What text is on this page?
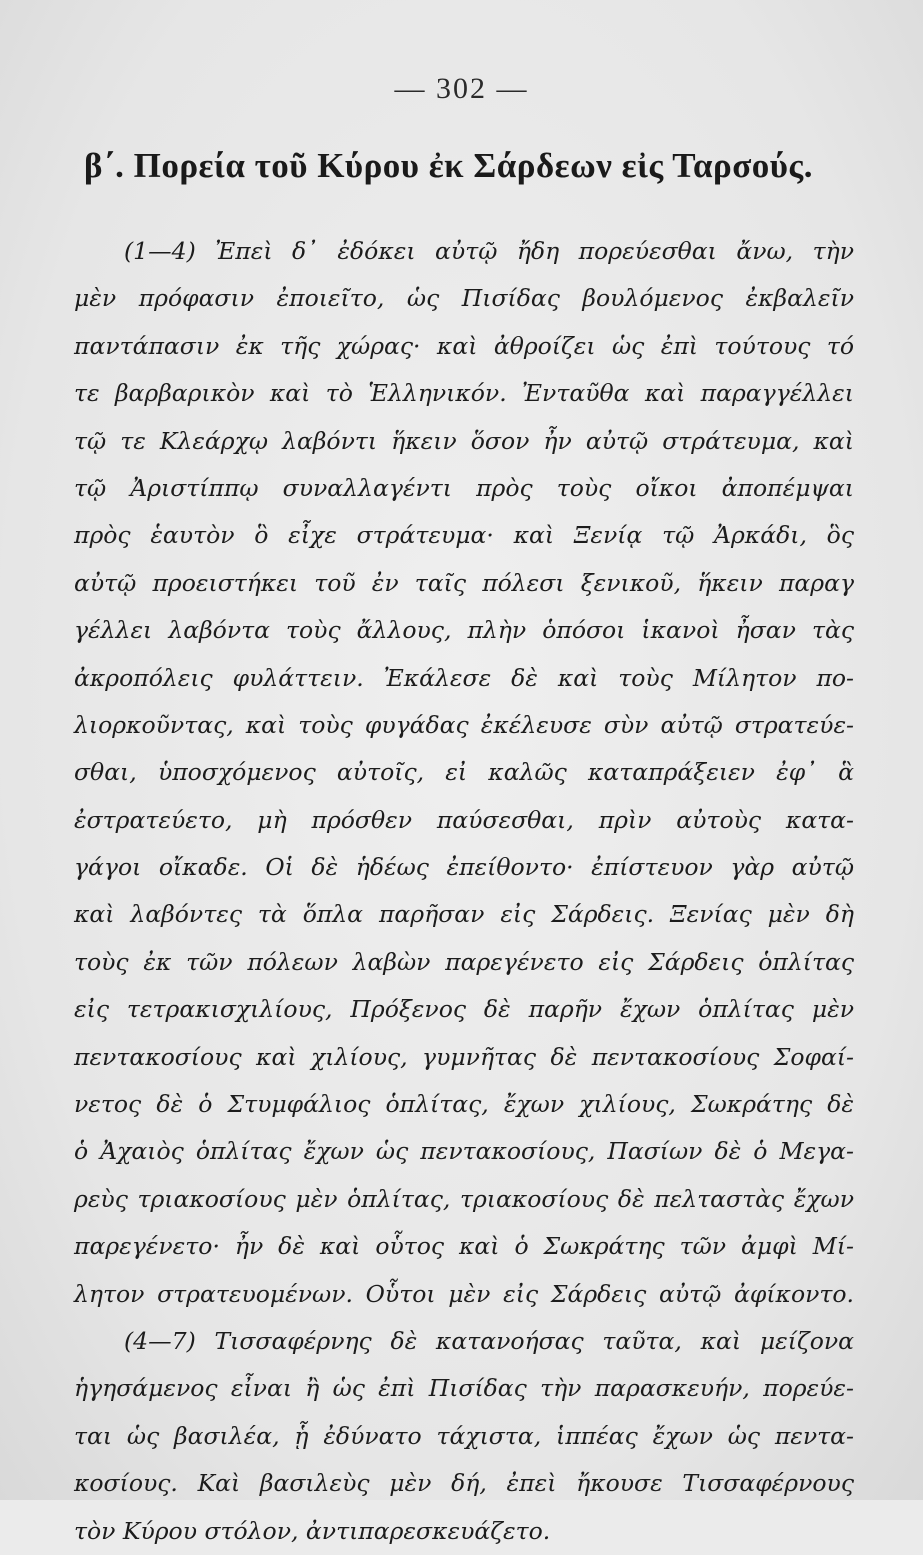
— 302 —
β΄. Πορεία τοῦ Κύρου ἐκ Σάρδεων εἰς Ταρσούς.
(1—4) Ἐπεὶ δ᾽ ἐδόκει αὐτῷ ἤδη πορεύεσθαι ἄνω, τὴν
μὲν πρόφασιν ἐποιεῖτο, ὡς Πισίδας βουλόμενος ἐκβαλεῖν
παντάπασιν ἐκ τῆς χώρας· καὶ ἀθροίζει ὡς ἐπὶ τούτους τό
τε βαρβαρικὸν καὶ τὸ Ἑλληνικόν. Ἐνταῦθα καὶ παραγγέλλει
τῷ τε Κλεάρχῳ λαβόντι ἥκειν ὅσον ἦν αὐτῷ στράτευμα, καὶ
τῷ Ἀριστίππῳ συναλλαγέντι πρὸς τοὺς οἴκοι ἀποπέμψαι
πρὸς ἑαυτὸν ὃ εἶχε στράτευμα· καὶ Ξενίᾳ τῷ Ἀρκάδι, ὃς
αὐτῷ προειστήκει τοῦ ἐν ταῖς πόλεσι ξενικοῦ, ἥκειν παραγ
γέλλει λαβόντα τοὺς ἄλλους, πλὴν ὁπόσοι ἱκανοὶ ἦσαν τὰς
ἀκροπόλεις φυλάττειν. Ἐκάλεσε δὲ καὶ τοὺς Μίλητον πο-
λιορκοῦντας, καὶ τοὺς φυγάδας ἐκέλευσε σὺν αὐτῷ στρατεύε-
σθαι, ὑποσχόμενος αὐτοῖς, εἰ καλῶς καταπράξειεν ἐφ᾽ ἃ
ἐστρατεύετο, μὴ πρόσθεν παύσεσθαι, πρὶν αὐτοὺς κατα-
γάγοι οἴκαδε. Οἱ δὲ ἡδέως ἐπείθοντο· ἐπίστευον γὰρ αὐτῷ
καὶ λαβόντες τὰ ὅπλα παρῆσαν εἰς Σάρδεις. Ξενίας μὲν δὴ
τοὺς ἐκ τῶν πόλεων λαβὼν παρεγένετο εἰς Σάρδεις ὁπλίτας
εἰς τετρακισχιλίους, Πρόξενος δὲ παρῆν ἔχων ὁπλίτας μὲν
πεντακοσίους καὶ χιλίους, γυμνῆτας δὲ πεντακοσίους Σοφαί-
νετος δὲ ὁ Στυμφάλιος ὁπλίτας, ἔχων χιλίους, Σωκράτης δὲ
ὁ Ἀχαιὸς ὁπλίτας ἔχων ὡς πεντακοσίους, Πασίων δὲ ὁ Μεγα-
ρεὺς τριακοσίους μὲν ὁπλίτας, τριακοσίους δὲ πελταστὰς ἔχων
παρεγένετο· ἦν δὲ καὶ οὗτος καὶ ὁ Σωκράτης τῶν ἀμφὶ Μί-
λητον στρατευομένων. Οὗτοι μὲν εἰς Σάρδεις αὐτῷ ἀφίκοντο.
(4—7) Τισσαφέρνης δὲ κατανοήσας ταῦτα, καὶ μείζονα
ἡγησάμενος εἶναι ἢ ὡς ἐπὶ Πισίδας τὴν παρασκευήν, πορεύε-
ται ὡς βασιλέα, ᾗ ἐδύνατο τάχιστα, ἱππέας ἔχων ὡς πεντα-
κοσίους. Καὶ βασιλεὺς μὲν δή, ἐπεὶ ἤκουσε Τισσαφέρνους
τὸν Κύρου στόλον, ἀντιπαρεσκευάζετο.
